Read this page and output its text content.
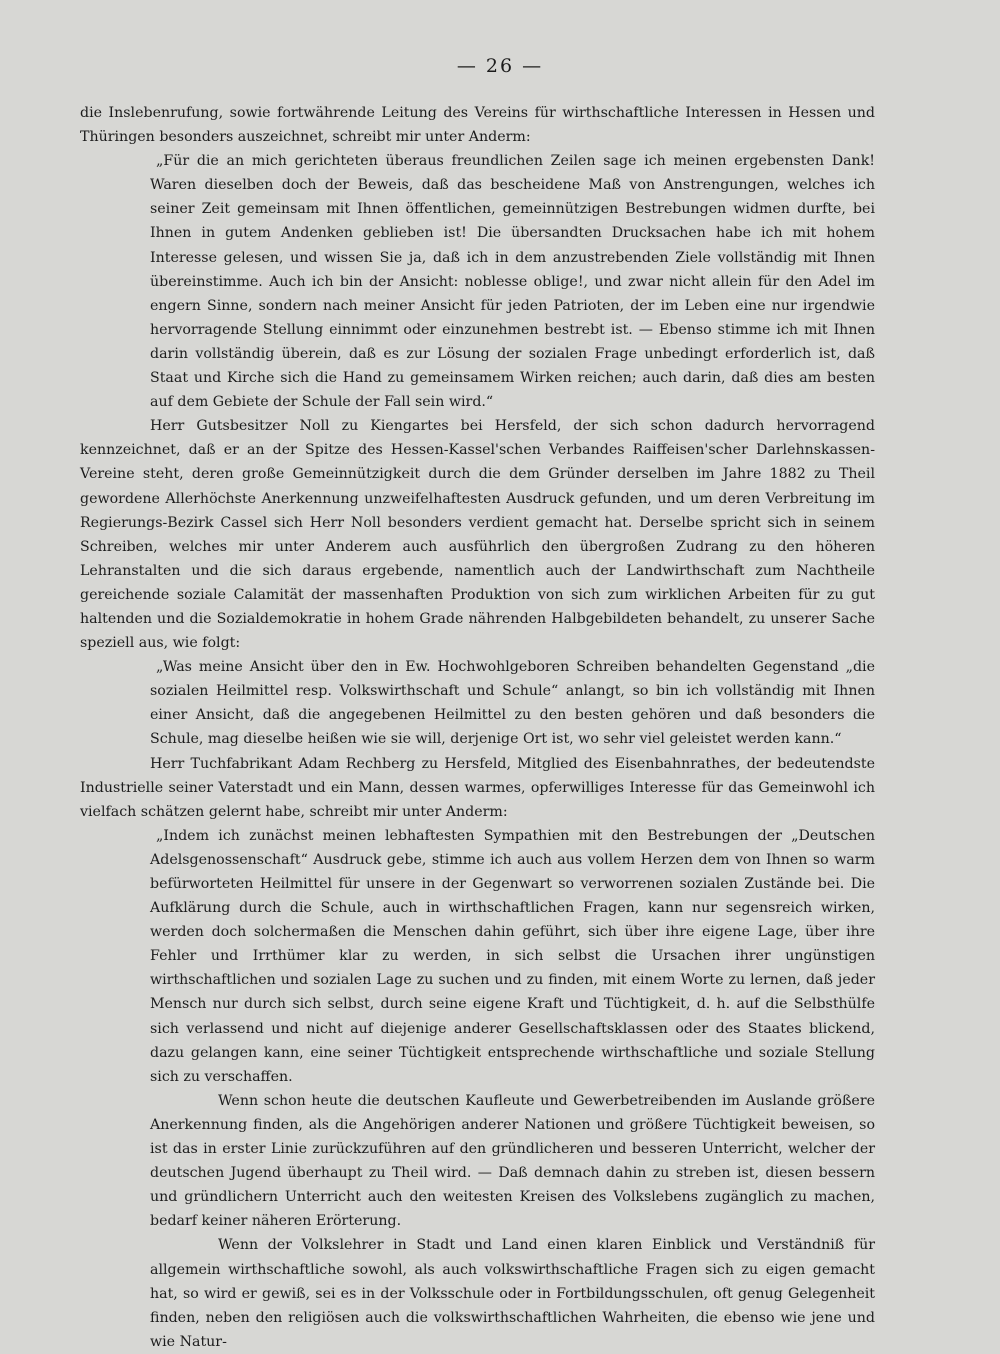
— 26 —

die Inslebenrufung, sowie fortwährende Leitung des Vereins für wirthschaftliche Interessen in Hessen und Thüringen besonders auszeichnet, schreibt mir unter Anderm:

„Für die an mich gerichteten überaus freundlichen Zeilen sage ich meinen ergebensten Dank! Waren dieselben doch der Beweis, daß das bescheidene Maß von Anstrengungen, welches ich seiner Zeit gemeinsam mit Ihnen öffentlichen, gemeinnützigen Bestrebungen widmen durfte, bei Ihnen in gutem Andenken geblieben ist! Die übersandten Drucksachen habe ich mit hohem Interesse gelesen, und wissen Sie ja, daß ich in dem anzustrebenden Ziele vollständig mit Ihnen übereinstimme. Auch ich bin der Ansicht: noblesse oblige!, und zwar nicht allein für den Adel im engern Sinne, sondern nach meiner Ansicht für jeden Patrioten, der im Leben eine nur irgendwie hervorragende Stellung einnimmt oder einzunehmen bestrebt ist. — Ebenso stimme ich mit Ihnen darin vollständig überein, daß es zur Lösung der sozialen Frage unbedingt erforderlich ist, daß Staat und Kirche sich die Hand zu gemeinsamem Wirken reichen; auch darin, daß dies am besten auf dem Gebiete der Schule der Fall sein wird.“

Herr Gutsbesitzer Noll zu Kiengartes bei Hersfeld, der sich schon dadurch hervorragend kennzeichnet, daß er an der Spitze des Hessen-Kassel'schen Verbandes Raiffeisen'scher Darlehnskassen-Vereine steht, deren große Gemeinnützigkeit durch die dem Gründer derselben im Jahre 1882 zu Theil gewordene Allerhöchste Anerkennung unzweifelhaftesten Ausdruck gefunden, und um deren Verbreitung im Regierungs-Bezirk Cassel sich Herr Noll besonders verdient gemacht hat. Derselbe spricht sich in seinem Schreiben, welches mir unter Anderem auch ausführlich den übergroßen Zudrang zu den höheren Lehranstalten und die sich daraus ergebende, namentlich auch der Landwirthschaft zum Nachtheile gereichende soziale Calamität der massenhaften Produktion von sich zum wirklichen Arbeiten für zu gut haltenden und die Sozialdemokratie in hohem Grade nährenden Halbgebildeten behandelt, zu unserer Sache speziell aus, wie folgt:

„Was meine Ansicht über den in Ew. Hochwohlgeboren Schreiben behandelten Gegenstand „die sozialen Heilmittel resp. Volkswirthschaft und Schule“ anlangt, so bin ich vollständig mit Ihnen einer Ansicht, daß die angegebenen Heilmittel zu den besten gehören und daß besonders die Schule, mag dieselbe heißen wie sie will, derjenige Ort ist, wo sehr viel geleistet werden kann.“

Herr Tuchfabrikant Adam Rechberg zu Hersfeld, Mitglied des Eisenbahnrathes, der bedeutendste Industrielle seiner Vaterstadt und ein Mann, dessen warmes, opferwilliges Interesse für das Gemeinwohl ich vielfach schätzen gelernt habe, schreibt mir unter Anderm:

„Indem ich zunächst meinen lebhaftesten Sympathien mit den Bestrebungen der „Deutschen Adelsgenossenschaft“ Ausdruck gebe, stimme ich auch aus vollem Herzen dem von Ihnen so warm befürworteten Heilmittel für unsere in der Gegenwart so verworrenen sozialen Zustände bei. Die Aufklärung durch die Schule, auch in wirthschaftlichen Fragen, kann nur segensreich wirken, werden doch solchermaßen die Menschen dahin geführt, sich über ihre eigene Lage, über ihre Fehler und Irrthümer klar zu werden, in sich selbst die Ursachen ihrer ungünstigen wirthschaftlichen und sozialen Lage zu suchen und zu finden, mit einem Worte zu lernen, daß jeder Mensch nur durch sich selbst, durch seine eigene Kraft und Tüchtigkeit, d. h. auf die Selbsthülfe sich verlassend und nicht auf diejenige anderer Gesellschaftsklassen oder des Staates blickend, dazu gelangen kann, eine seiner Tüchtigkeit entsprechende wirthschaftliche und soziale Stellung sich zu verschaffen.

Wenn schon heute die deutschen Kaufleute und Gewerbetreibenden im Auslande größere Anerkennung finden, als die Angehörigen anderer Nationen und größere Tüchtigkeit beweisen, so ist das in erster Linie zurückzuführen auf den gründlicheren und besseren Unterricht, welcher der deutschen Jugend überhaupt zu Theil wird. — Daß demnach dahin zu streben ist, diesen bessern und gründlichern Unterricht auch den weitesten Kreisen des Volkslebens zugänglich zu machen, bedarf keiner näheren Erörterung.

Wenn der Volkslehrer in Stadt und Land einen klaren Einblick und Verständniß für allgemein wirthschaftliche sowohl, als auch volkswirthschaftliche Fragen sich zu eigen gemacht hat, so wird er gewiß, sei es in der Volksschule oder in Fortbildungsschulen, oft genug Gelegenheit finden, neben den religiösen auch die volkswirthschaftlichen Wahrheiten, die ebenso wie jene und wie Natur-
